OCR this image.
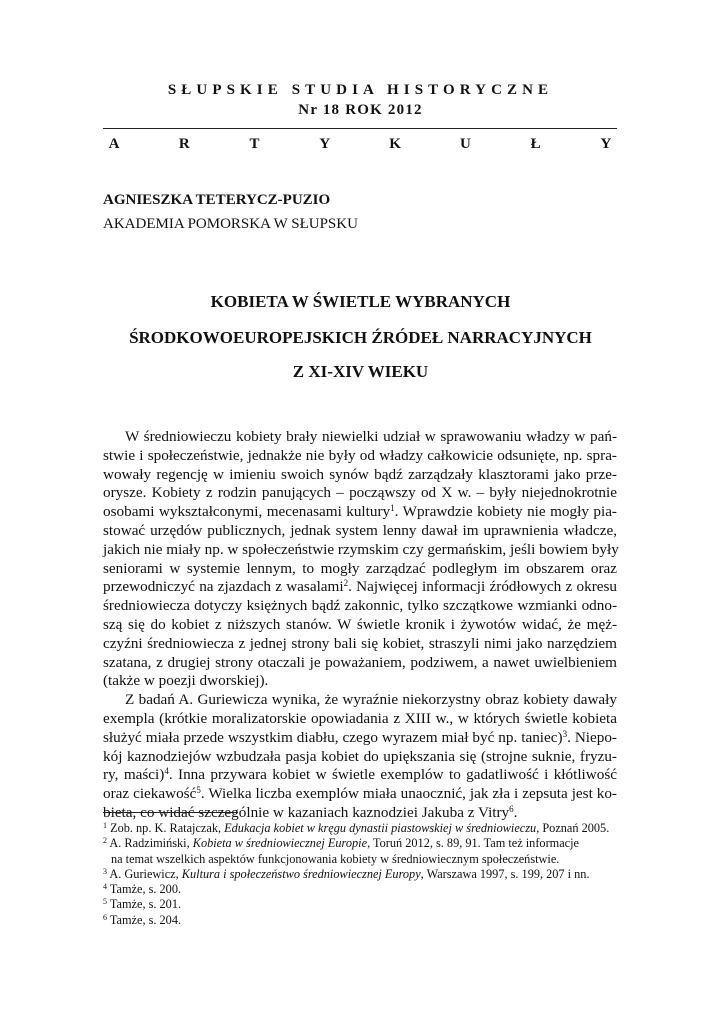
SŁUPSKIE STUDIA HISTORYCZNE
Nr 18 ROK 2012
A	R	T	Y	K	U	Ł	Y
AGNIESZKA TETERYCZ-PUZIO
AKADEMIA POMORSKA W SŁUPSKU
KOBIETA W ŚWIETLE WYBRANYCH
ŚRODKOWOEUROPEJSKICH ŹRÓDEŁ NARRACYJNYCH
Z XI-XIV WIEKU
W średniowieczu kobiety brały niewielki udział w sprawowaniu władzy w pań-
stwie i społeczeństwie, jednakże nie były od władzy całkowicie odsunięte, np. spra-
wowały regencję w imieniu swoich synów bądź zarządzały klasztorami jako prze-
orysze. Kobiety z rodzin panujących – począwszy od X w. – były niejednokrotnie
osobami wykształconymi, mecenasami kultury$^1$. Wprawdzie kobiety nie mogły pia-
stować urzędów publicznych, jednak system lenny dawał im uprawnienia władcze,
jakich nie miały np. w społeczeństwie rzymskim czy germańskim, jeśli bowiem były
seniorami w systemie lennym, to mogły zarządzać podległym im obszarem oraz
przewodniczyć na zjazdach z wasalami$^2$. Najwięcej informacji źródłowych z okresu
średniowiecza dotyczy księżnych bądź zakonnic, tylko szczątkowe wzmianki odno-
szą się do kobiet z niższych stanów. W świetle kronik i żywotów widać, że męż-
czyźni średniowiecza z jednej strony bali się kobiet, straszyli nimi jako narzędziem
szatana, z drugiej strony otaczali je poważaniem, podziwem, a nawet uwielbieniem
(także w poezji dworskiej).
Z badań A. Guriewicza wynika, że wyraźnie niekorzystny obraz kobiety dawały
exempla (krótkie moralizatorskie opowiadania z XIII w., w których świetle kobieta
służyć miała przede wszystkim diabłu, czego wyrazem miał być np. taniec)$^3$. Niepo-
kój kaznodziejów wzbudzała pasja kobiet do upiększania się (strojne suknie, fryzu-
ry, maści)$^4$. Inna przywara kobiet w świetle exemplów to gadatliwość i kłótliwość
oraz ciekawość$^5$. Wielka liczba exemplów miała unaocznić, jak zła i zepsuta jest ko-
bieta, co widać szczególnie w kazaniach kaznodziei Jakuba z Vitry$^6$.
$^1$ Zob. np. K. Ratajczak, Edukacja kobiet w kręgu dynastii piastowskiej w średniowieczu, Poznań 2005.
$^2$ A. Radzimiński, Kobieta w średniowiecznej Europie, Toruń 2012, s. 89, 91. Tam też informacje
na temat wszelkich aspektów funkcjonowania kobiety w średniowiecznym społeczeństwie.
$^3$ A. Guriewicz, Kultura i społeczeństwo średniowiecznej Europy, Warszawa 1997, s. 199, 207 i nn.
$^4$ Tamże, s. 200.
$^5$ Tamże, s. 201.
$^6$ Tamże, s. 204.
